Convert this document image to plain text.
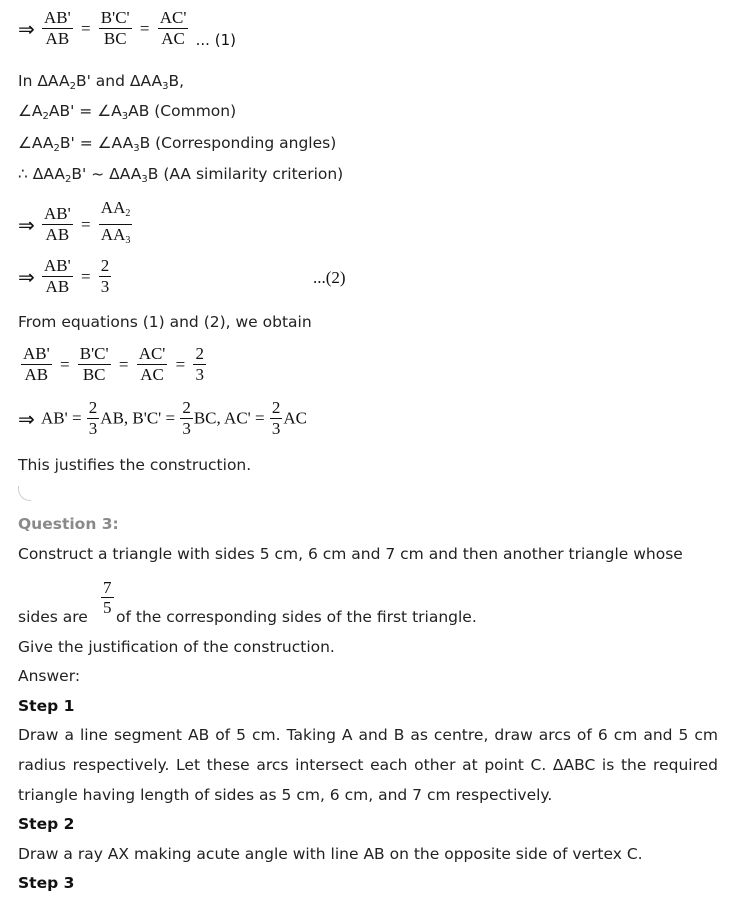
⇒ $\frac{AB'}{AB} = \frac{B'C'}{BC} = \frac{AC'}{AC}$ ... (1)
In $\Delta AA_2B'$ and $\Delta AA_3B$,
$\angle A_2AB'$ = $\angle A_3AB$ (Common)
$\angle AA_2B'$ = $\angle AA_3B$ (Corresponding angles)
∴ $\Delta AA_2B'$ ~ $\Delta AA_3B$ (AA similarity criterion)
⇒ $\frac{AB'}{AB} = \frac{AA_2}{AA_3}$
⇒ $\frac{AB'}{AB} = \frac{2}{3}$	...(2)
From equations (1) and (2), we obtain
$\frac{AB'}{AB} = \frac{B'C'}{BC} = \frac{AC'}{AC} = \frac{2}{3}$
⇒ $AB' = \frac{2}{3}$ AB, $B'C' = \frac{2}{3}$ BC, $AC' = \frac{2}{3}$ AC
This justifies the construction.
Question 3:
Construct a triangle with sides 5 cm, 6 cm and 7 cm and then another triangle whose
sides are $\frac{7}{5}$ of the corresponding sides of the first triangle.
Give the justification of the construction.
Answer:
Step 1
Draw a line segment AB of 5 cm. Taking A and B as centre, draw arcs of 6 cm and 5 cm radius respectively. Let these arcs intersect each other at point C. ΔABC is the required triangle having length of sides as 5 cm, 6 cm, and 7 cm respectively.
Step 2
Draw a ray AX making acute angle with line AB on the opposite side of vertex C.
Step 3
